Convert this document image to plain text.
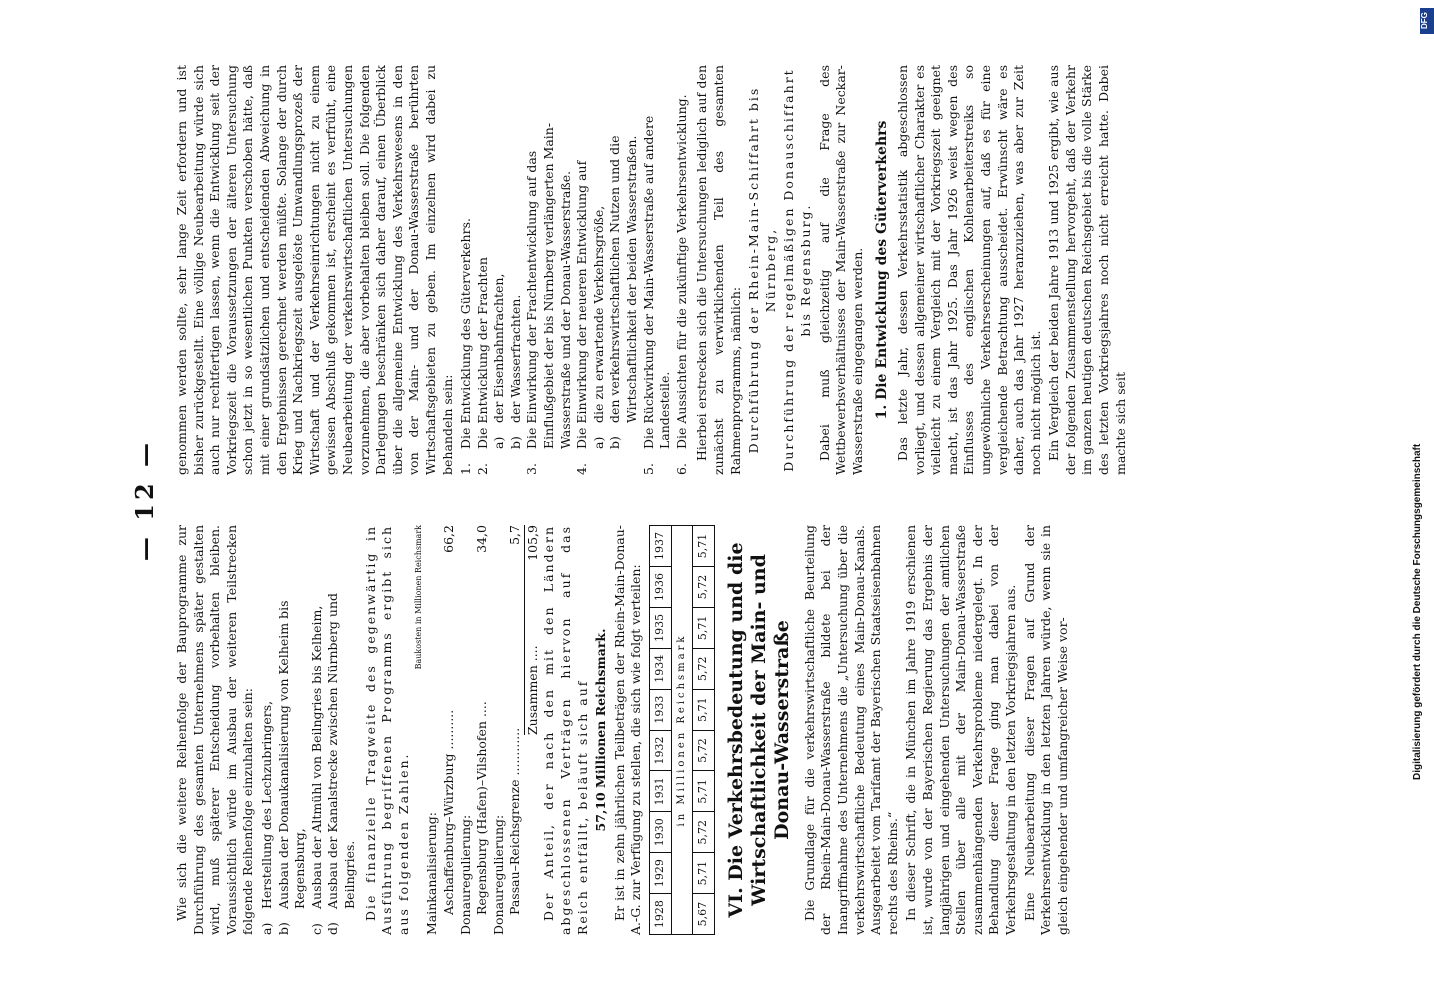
— 12 —

Wie sich die weitere Reihenfolge der Bauprogramme zur Durchführung des gesamten Unternehmens später gestalten wird, muß späterer Entscheidung vorbehalten bleiben. Voraussichtlich würde im Ausbau der weiteren Teilstrecken folgende Reihenfolge einzuhalten sein: a)
Herstellung des Lechzubringers,
b)
Ausbau der Donaukanalisierung von Kelheim bis Regensburg,
c)
Ausbau der Altmühl von Beilngries bis Kelheim,
d)
Ausbau der Kanalstrecke zwischen Nürnberg und Beilngries. Die finanzielle Tragweite des gegenwärtig in Ausführung begriffenen Programms ergibt sich aus folgenden Zahlen.

Baukosten in Millionen Reichsmark
Mainkanalisierung: Aschaffenburg–Würzburg ..........
66,2
Donauregulierung: Regensburg (Hafen)–Vilshofen ....
34,0
Donauregulierung: Passau–Reichsgrenze ............
5,7
Zusammen ....
105,9 Der Anteil, der nach den mit den Ländern abgeschlossenen Verträgen hiervon auf das Reich entfällt, beläuft sich auf 57,10 Millionen Reichsmark. Er ist in zehn jährlichen Teilbeträgen der Rhein-Main-Donau-A.-G. zur Verfügung zu stellen, die sich wie folgt verteilen: 1928	1929	1930	1931	1932	1933	1934	1935	1936	1937
in Millionen Reichsmark									
5,67	5,71	5,72	5,71	5,72	5,71	5,72	5,71	5,72	5,71 VI. Die Verkehrsbedeutung und die Wirtschaftlichkeit der Main- und Donau-Wasserstraße Die Grundlage für die verkehrswirtschaftliche Beurteilung der Rhein-Main-Donau-Wasserstraße bildete bei der Inangriffnahme des Unternehmens die „Untersuchung über die verkehrswirtschaftliche Bedeutung eines Main-Donau-Kanals. Ausgearbeitet vom Tarifamt der Bayerischen Staatseisenbahnen rechts des Rheins.“ In dieser Schrift, die in München im Jahre 1919 erschienen ist, wurde von der Bayerischen Regierung das Ergebnis der langjährigen und eingehenden Untersuchungen der amtlichen Stellen über alle mit der Main-Donau-Wasserstraße zusammenhängenden Verkehrsprobleme niedergelegt. In der Behandlung dieser Frage ging man dabei von der Verkehrsgestaltung in den letzten Vorkriegsjahren aus. Eine Neubearbeitung dieser Fragen auf Grund der Verkehrsentwicklung in den letzten Jahren würde, wenn sie in gleich eingehender und umfangreicher Weise vor-

genommen werden sollte, sehr lange Zeit erfordern und ist bisher zurückgestellt. Eine völlige Neubearbeitung würde sich auch nur rechtfertigen lassen, wenn die Entwicklung seit der Vorkriegszeit die Voraussetzungen der älteren Untersuchung schon jetzt in so wesentlichen Punkten verschoben hätte, daß mit einer grundsätzlichen und entscheidenden Abweichung in den Ergebnissen gerechnet werden müßte. Solange der durch Krieg und Nachkriegszeit ausgelöste Umwandlungsprozeß der Wirtschaft und der Verkehrseinrichtungen nicht zu einem gewissen Abschluß gekommen ist, erscheint es verfrüht, eine Neubearbeitung der verkehrswirtschaftlichen Untersuchungen vorzunehmen, die aber vorbehalten bleiben soll. Die folgenden Darlegungen beschränken sich daher darauf, einen Überblick über die allgemeine Entwicklung des Verkehrswesens in den von der Main- und der Donau-Wasserstraße berührten Wirtschaftsgebieten zu geben. Im einzelnen wird dabei zu behandeln sein: 1.
Die Entwicklung des Güterverkehrs.
2.
Die Entwicklung der Frachten a)
der Eisenbahnfrachten,
b)
der Wasserfrachten.
3.
Die Einwirkung der Frachtentwicklung auf das Einflußgebiet der bis Nürnberg verlängerten Main-Wasserstraße und der Donau-Wasserstraße.
4.
Die Einwirkung der neueren Entwicklung auf a)
die zu erwartende Verkehrsgröße,
b)
den verkehrswirtschaftlichen Nutzen und die Wirtschaftlichkeit der beiden Wasserstraßen.
5.
Die Rückwirkung der Main-Wasserstraße auf andere Landesteile.
6.
Die Aussichten für die zukünftige Verkehrsentwicklung. Hierbei erstrecken sich die Untersuchungen lediglich auf den zunächst zu verwirklichenden Teil des gesamten Rahmenprogramms, nämlich: Durchführung der Rhein-Main-Schiffahrt bis Nürnberg, Durchführung der regelmäßigen Donauschiffahrt bis Regensburg. Dabei muß gleichzeitig auf die Frage des Wettbewerbsverhältnisses der Main-Wasserstraße zur Neckar-Wasserstraße eingegangen werden. 1. Die Entwicklung des Güterverkehrs Das letzte Jahr, dessen Verkehrsstatistik abgeschlossen vorliegt, und dessen allgemeiner wirtschaftlicher Charakter es vielleicht zu einem Vergleich mit der Vorkriegszeit geeignet macht, ist das Jahr 1925. Das Jahr 1926 weist wegen des Einflusses des englischen Kohlenarbeiterstreiks so ungewöhnliche Verkehrserscheinungen auf, daß es für eine vergleichende Betrachtung ausscheidet. Erwünscht wäre es daher, auch das Jahr 1927 heranzuziehen, was aber zur Zeit noch nicht möglich ist. Ein Vergleich der beiden Jahre 1913 und 1925 ergibt, wie aus der folgenden Zusammenstellung hervorgeht, daß der Verkehr im ganzen heutigen deutschen Reichsgebiet bis die volle Stärke des letzten Vorkriegsjahres noch nicht erreicht hatte. Dabei machte sich seit

Digitalisierung gefördert durch die Deutsche Forschungsgemeinschaft
DFG
